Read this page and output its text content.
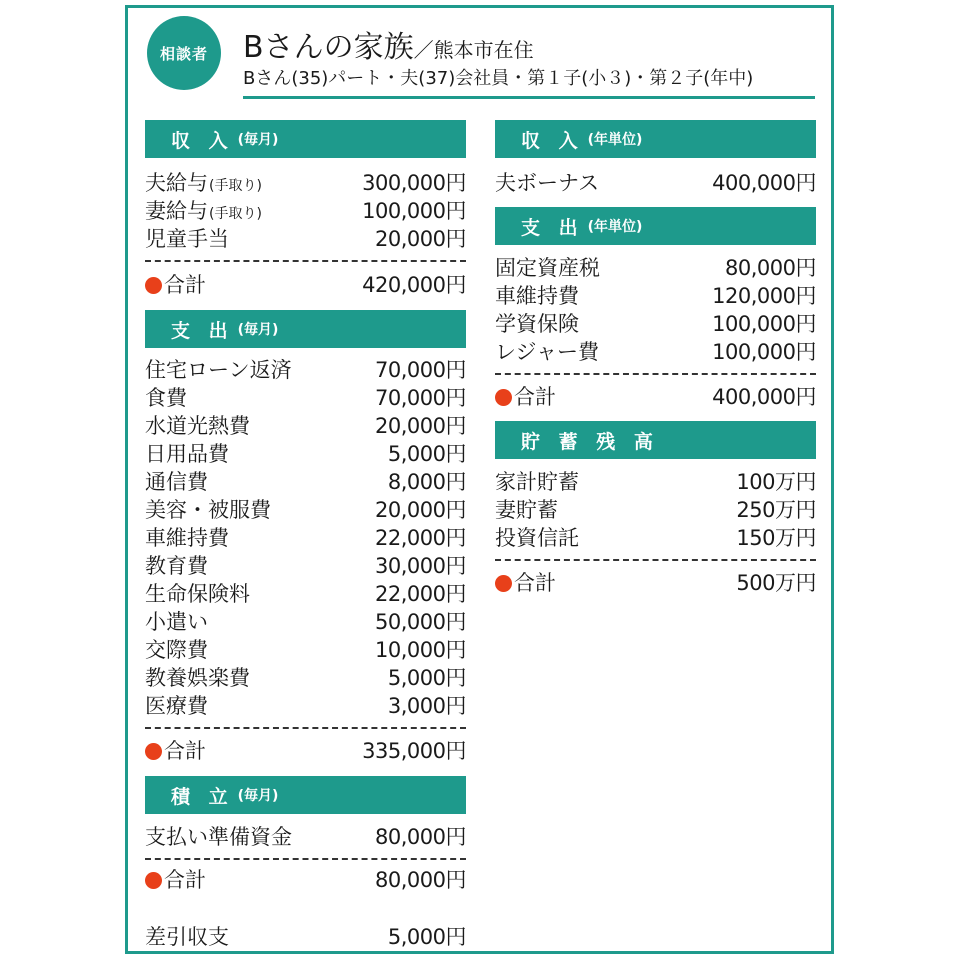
相談者	Bさんの家族／熊本市在住
Bさん(35)パート・夫(37)会社員・第１子(小３)・第２子(年中)
収 入 (毎月)
夫給与 (手取り)	300,000円
妻給与 (手取り)	100,000円
児童手当	20,000円
合計	420,000円
支 出 (毎月)
住宅ローン返済	70,000円
食費	70,000円
水道光熱費	20,000円
日用品費	5,000円
通信費	8,000円
美容・被服費	20,000円
車維持費	22,000円
教育費	30,000円
生命保険料	22,000円
小遣い	50,000円
交際費	10,000円
教養娯楽費	5,000円
医療費	3,000円
合計	335,000円
積 立 (毎月)
支払い準備資金	80,000円
合計	80,000円
差引収支	5,000円
収 入 (年単位)
夫ボーナス	400,000円
支 出 (年単位)
固定資産税	80,000円
車維持費	120,000円
学資保険	100,000円
レジャー費	100,000円
合計	400,000円
貯 蓄 残 高
家計貯蓄	100万円
妻貯蓄	250万円
投資信託	150万円
合計	500万円
